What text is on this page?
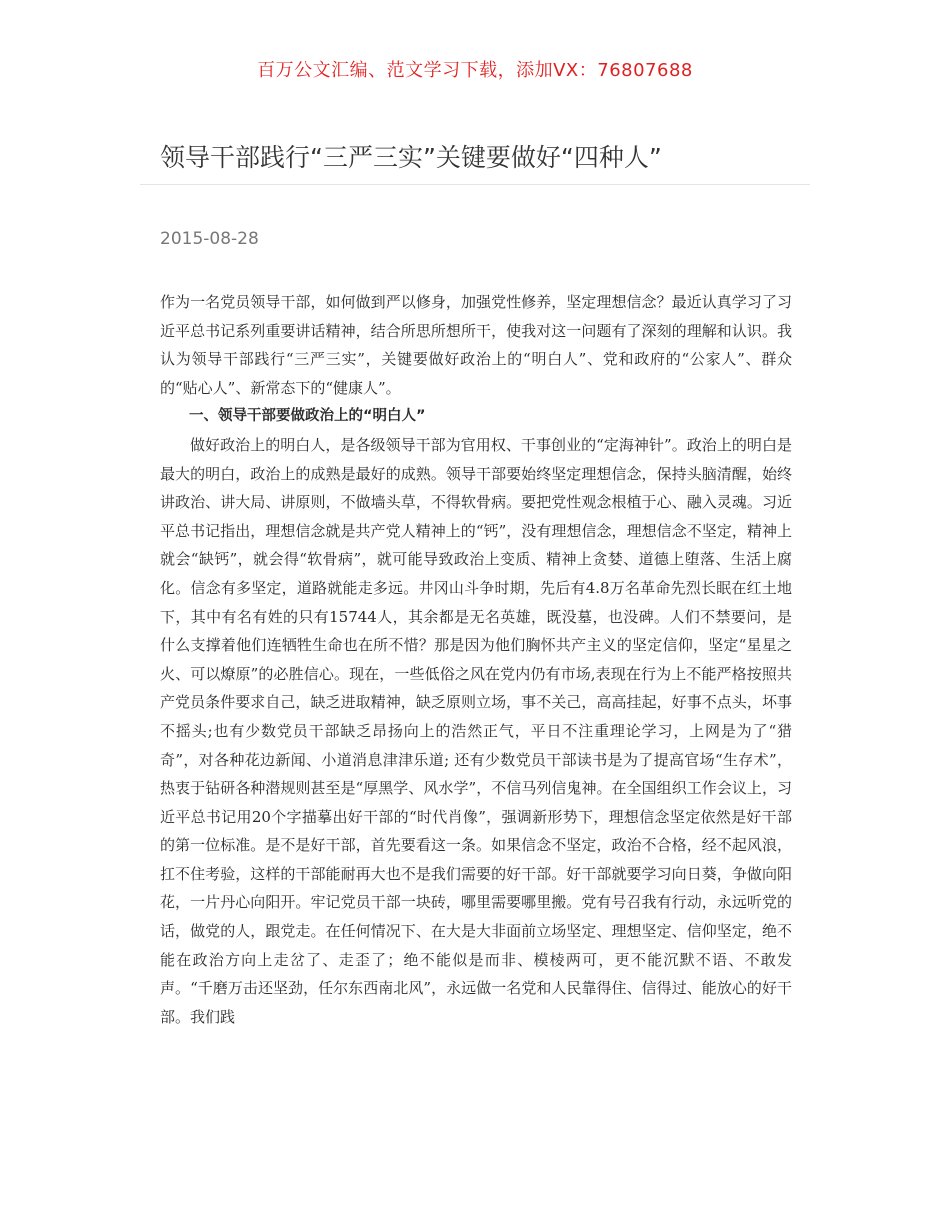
百万公文汇编、范文学习下载，添加VX：76807688
领导干部践行“三严三实”关键要做好“四种人”
2015-08-28

作为一名党员领导干部，如何做到严以修身，加强党性修养，坚定理想信念？最近认真学习了习近平总书记系列重要讲话精神，结合所思所想所干，使我对这一问题有了深刻的理解和认识。我认为领导干部践行“三严三实”，关键要做好政治上的“明白人”、党和政府的“公家人”、群众的“贴心人”、新常态下的“健康人”。

一、领导干部要做政治上的“明白人”

做好政治上的明白人，是各级领导干部为官用权、干事创业的“定海神针”。政治上的明白是最大的明白，政治上的成熟是最好的成熟。领导干部要始终坚定理想信念，保持头脑清醒，始终讲政治、讲大局、讲原则，不做墙头草，不得软骨病。要把党性观念根植于心、融入灵魂。习近平总书记指出，理想信念就是共产党人精神上的“钙”，没有理想信念，理想信念不坚定，精神上就会“缺钙”，就会得“软骨病”，就可能导致政治上变质、精神上贪婪、道德上堕落、生活上腐化。信念有多坚定，道路就能走多远。井冈山斗争时期，先后有4.8万名革命先烈长眠在红土地下，其中有名有姓的只有15744人，其余都是无名英雄，既没墓，也没碑。人们不禁要问，是什么支撑着他们连牺牲生命也在所不惜？那是因为他们胸怀共产主义的坚定信仰，坚定“星星之火、可以燎原”的必胜信心。现在，一些低俗之风在党内仍有市场,表现在行为上不能严格按照共产党员条件要求自己，缺乏进取精神，缺乏原则立场，事不关己，高高挂起，好事不点头，坏事不摇头;也有少数党员干部缺乏昂扬向上的浩然正气，平日不注重理论学习，上网是为了“猎奇”，对各种花边新闻、小道消息津津乐道; 还有少数党员干部读书是为了提高官场“生存术”，热衷于钻研各种潜规则甚至是“厚黑学、风水学”，不信马列信鬼神。在全国组织工作会议上，习近平总书记用20个字描摹出好干部的“时代肖像”，强调新形势下，理想信念坚定依然是好干部的第一位标准。是不是好干部，首先要看这一条。如果信念不坚定，政治不合格，经不起风浪，扛不住考验，这样的干部能耐再大也不是我们需要的好干部。好干部就要学习向日葵，争做向阳花，一片丹心向阳开。牢记党员干部一块砖，哪里需要哪里搬。党有号召我有行动，永远听党的话，做党的人，跟党走。在任何情况下、在大是大非面前立场坚定、理想坚定、信仰坚定，绝不能在政治方向上走岔了、走歪了；绝不能似是而非、模棱两可，更不能沉默不语、不敢发声。“千磨万击还坚劲，任尔东西南北风”，永远做一名党和人民靠得住、信得过、能放心的好干部。我们践
